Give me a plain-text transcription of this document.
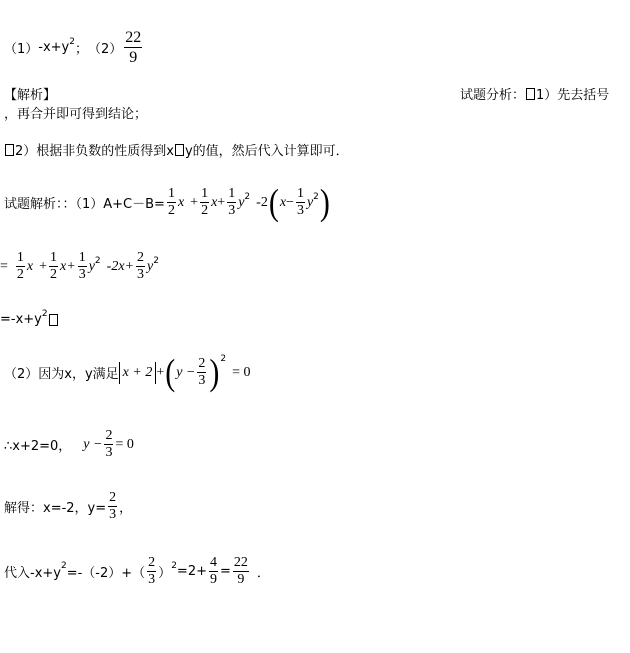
（1） -x+y 2
； $(2) \frac{22}{9}$
【解析】	试题分析： 1）先去括号
，再合并即可得到结论；
2）根据非负数的性质得到x y的值，然后代入计算即可．
试题解析：：$(1)A+C-B= \frac{1}{2}$ $x + \frac{1}{2}$ $x + \frac{1}{3}$ y 2 -2 ( $x - \frac{1}{3}$ y 2 )
= $\frac{1}{2}$ $x + \frac{1}{2} x+ \frac{1}{3}$ y 2 $-2x+ \frac{2}{3}$ y 2
=-x+y 2
（2）因为x，y满足 x + 2 + ( $y - \frac{2}{3}$ ) 2
= 0
∴x+2=0， $y - \frac{2}{3} = 0$
解得：x=-2，$y= \frac{2}{3}$ ，
代入-x+y
2
$=-(-2)+( \frac{2}{3}$ ）
$2 =2+ \frac{4}{9} = \frac{22}{9}$ ．
